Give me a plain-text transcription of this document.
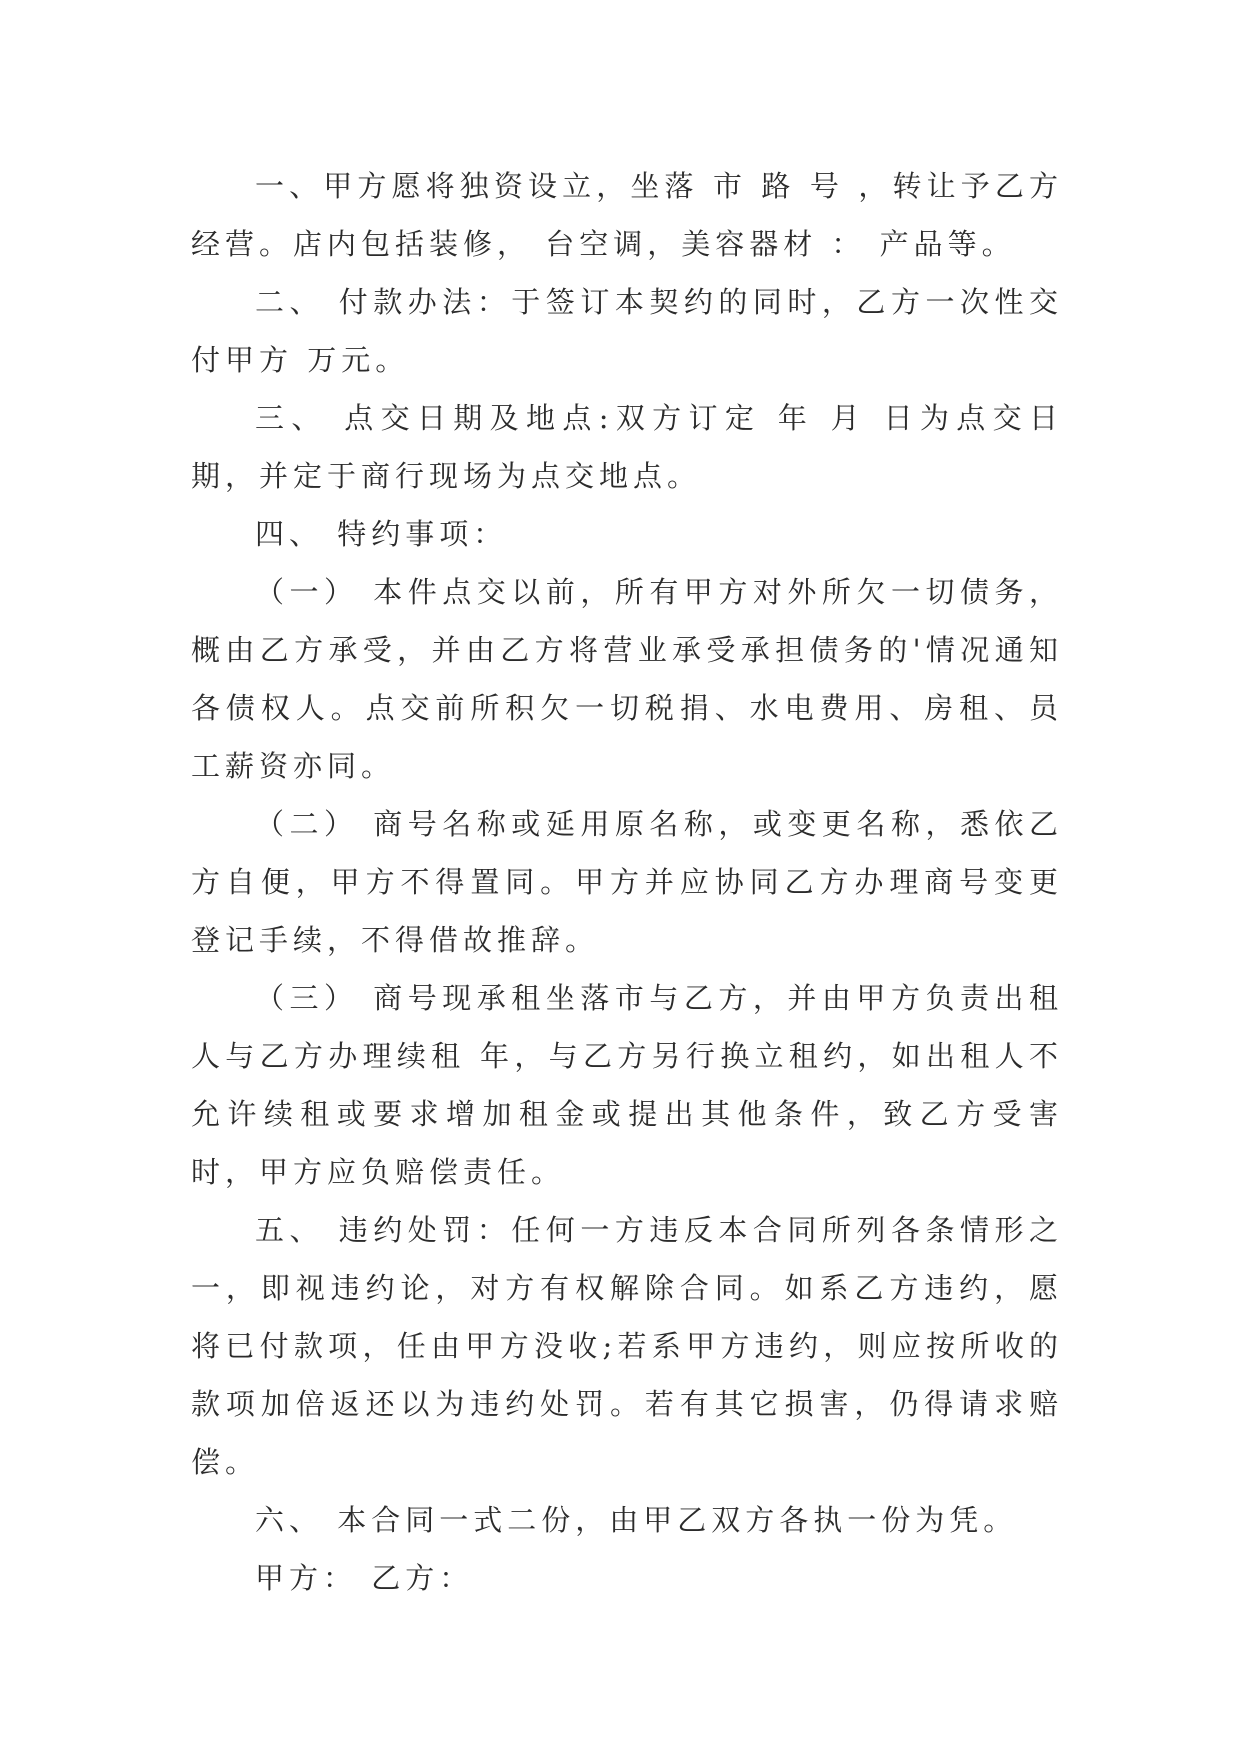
一、甲方愿将独资设立，坐落 市 路 号 ，转让予乙方经营。店内包括装修， 台空调，美容器材 ： 产品等。

二、 付款办法：于签订本契约的同时，乙方一次性交付甲方 万元。

三、 点交日期及地点:双方订定 年 月 日为点交日期，并定于商行现场为点交地点。

四、 特约事项：

（一） 本件点交以前，所有甲方对外所欠一切债务，概由乙方承受，并由乙方将营业承受承担债务的'情况通知各债权人。点交前所积欠一切税捐、水电费用、房租、员工薪资亦同。

（二） 商号名称或延用原名称，或变更名称，悉依乙方自便，甲方不得置同。甲方并应协同乙方办理商号变更登记手续，不得借故推辞。

（三） 商号现承租坐落市与乙方，并由甲方负责出租人与乙方办理续租 年，与乙方另行换立租约，如出租人不允许续租或要求增加租金或提出其他条件，致乙方受害时，甲方应负赔偿责任。

五、 违约处罚：任何一方违反本合同所列各条情形之一，即视违约论，对方有权解除合同。如系乙方违约，愿将已付款项，任由甲方没收;若系甲方违约，则应按所收的款项加倍返还以为违约处罚。若有其它损害，仍得请求赔偿。

六、 本合同一式二份，由甲乙双方各执一份为凭。

甲方： 乙方：
